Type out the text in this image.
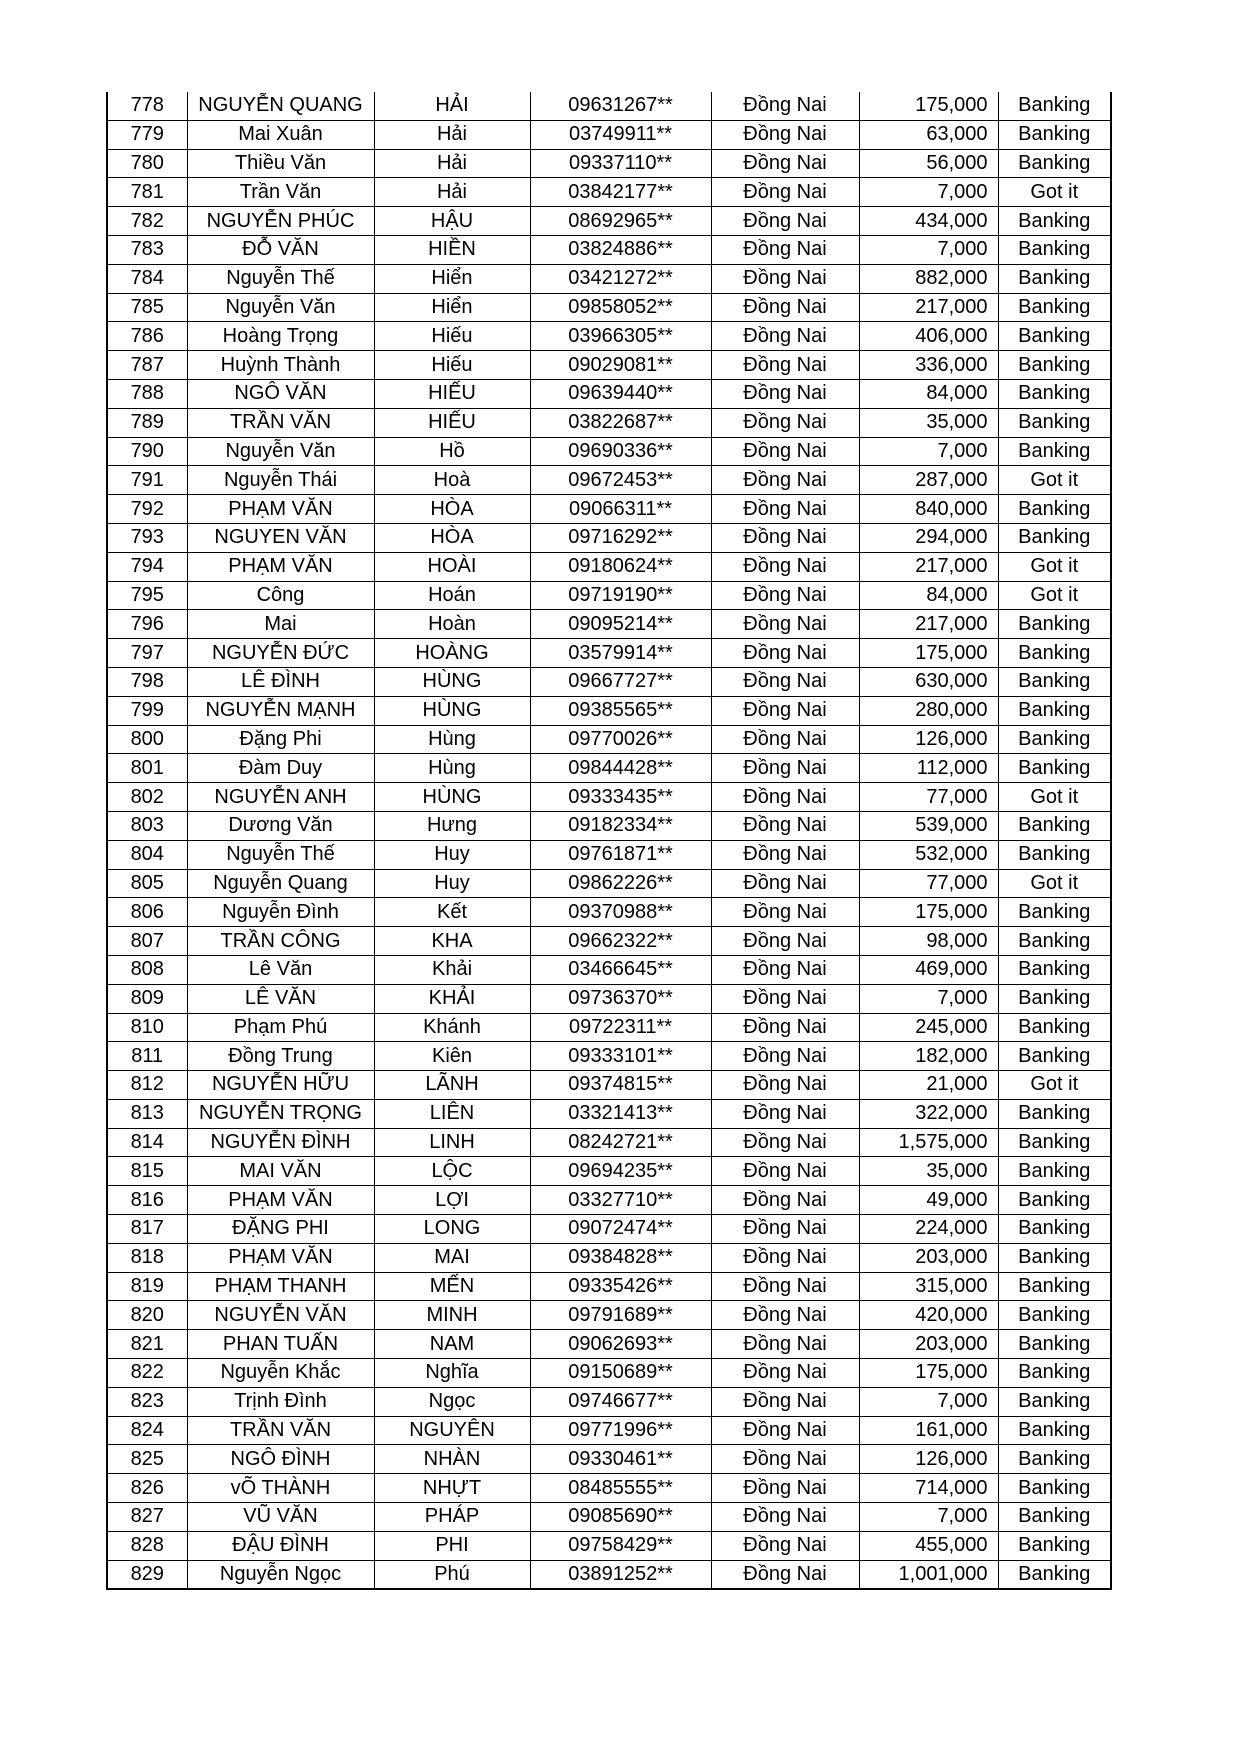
778	NGUYỄN QUANG	HẢI	09631267**	Đồng Nai	175,000	Banking
779	Mai Xuân	Hải	03749911**	Đồng Nai	63,000	Banking
780	Thiều Văn	Hải	09337110**	Đồng Nai	56,000	Banking
781	Trần Văn	Hải	03842177**	Đồng Nai	7,000	Got it
782	NGUYỄN PHÚC	HẬU	08692965**	Đồng Nai	434,000	Banking
783	ĐỖ VĂN	HIỀN	03824886**	Đồng Nai	7,000	Banking
784	Nguyễn Thế	Hiển	03421272**	Đồng Nai	882,000	Banking
785	Nguyễn Văn	Hiển	09858052**	Đồng Nai	217,000	Banking
786	Hoàng Trọng	Hiếu	03966305**	Đồng Nai	406,000	Banking
787	Huỳnh Thành	Hiếu	09029081**	Đồng Nai	336,000	Banking
788	NGÔ VĂN	HIẾU	09639440**	Đồng Nai	84,000	Banking
789	TRẦN VĂN	HIẾU	03822687**	Đồng Nai	35,000	Banking
790	Nguyễn Văn	Hồ	09690336**	Đồng Nai	7,000	Banking
791	Nguyễn Thái	Hoà	09672453**	Đồng Nai	287,000	Got it
792	PHẠM VĂN	HÒA	09066311**	Đồng Nai	840,000	Banking
793	NGUYEN VĂN	HÒA	09716292**	Đồng Nai	294,000	Banking
794	PHẠM VĂN	HOÀI	09180624**	Đồng Nai	217,000	Got it
795	Công	Hoán	09719190**	Đồng Nai	84,000	Got it
796	Mai	Hoàn	09095214**	Đồng Nai	217,000	Banking
797	NGUYỄN ĐỨC	HOÀNG	03579914**	Đồng Nai	175,000	Banking
798	LÊ ĐÌNH	HÙNG	09667727**	Đồng Nai	630,000	Banking
799	NGUYỄN MẠNH	HÙNG	09385565**	Đồng Nai	280,000	Banking
800	Đặng Phi	Hùng	09770026**	Đồng Nai	126,000	Banking
801	Đàm Duy	Hùng	09844428**	Đồng Nai	112,000	Banking
802	NGUYỄN ANH	HÙNG	09333435**	Đồng Nai	77,000	Got it
803	Dương Văn	Hưng	09182334**	Đồng Nai	539,000	Banking
804	Nguyễn Thế	Huy	09761871**	Đồng Nai	532,000	Banking
805	Nguyễn Quang	Huy	09862226**	Đồng Nai	77,000	Got it
806	Nguyễn Đình	Kết	09370988**	Đồng Nai	175,000	Banking
807	TRẦN CÔNG	KHA	09662322**	Đồng Nai	98,000	Banking
808	Lê Văn	Khải	03466645**	Đồng Nai	469,000	Banking
809	LÊ VĂN	KHẢI	09736370**	Đồng Nai	7,000	Banking
810	Phạm Phú	Khánh	09722311**	Đồng Nai	245,000	Banking
811	Đồng Trung	Kiên	09333101**	Đồng Nai	182,000	Banking
812	NGUYỄN HỮU	LÃNH	09374815**	Đồng Nai	21,000	Got it
813	NGUYỄN TRỌNG	LIÊN	03321413**	Đồng Nai	322,000	Banking
814	NGUYỄN ĐÌNH	LINH	08242721**	Đồng Nai	1,575,000	Banking
815	MAI VĂN	LỘC	09694235**	Đồng Nai	35,000	Banking
816	PHẠM VĂN	LỢI	03327710**	Đồng Nai	49,000	Banking
817	ĐẶNG PHI	LONG	09072474**	Đồng Nai	224,000	Banking
818	PHẠM VĂN	MAI	09384828**	Đồng Nai	203,000	Banking
819	PHẠM THANH	MẾN	09335426**	Đồng Nai	315,000	Banking
820	NGUYỄN VĂN	MINH	09791689**	Đồng Nai	420,000	Banking
821	PHAN TUẤN	NAM	09062693**	Đồng Nai	203,000	Banking
822	Nguyễn Khắc	Nghĩa	09150689**	Đồng Nai	175,000	Banking
823	Trịnh Đình	Ngọc	09746677**	Đồng Nai	7,000	Banking
824	TRẦN VĂN	NGUYÊN	09771996**	Đồng Nai	161,000	Banking
825	NGÔ ĐÌNH	NHÀN	09330461**	Đồng Nai	126,000	Banking
826	vÕ THÀNH	NHỰT	08485555**	Đồng Nai	714,000	Banking
827	VŨ VĂN	PHÁP	09085690**	Đồng Nai	7,000	Banking
828	ĐẬU ĐÌNH	PHI	09758429**	Đồng Nai	455,000	Banking
829	Nguyễn Ngọc	Phú	03891252**	Đồng Nai	1,001,000	Banking
